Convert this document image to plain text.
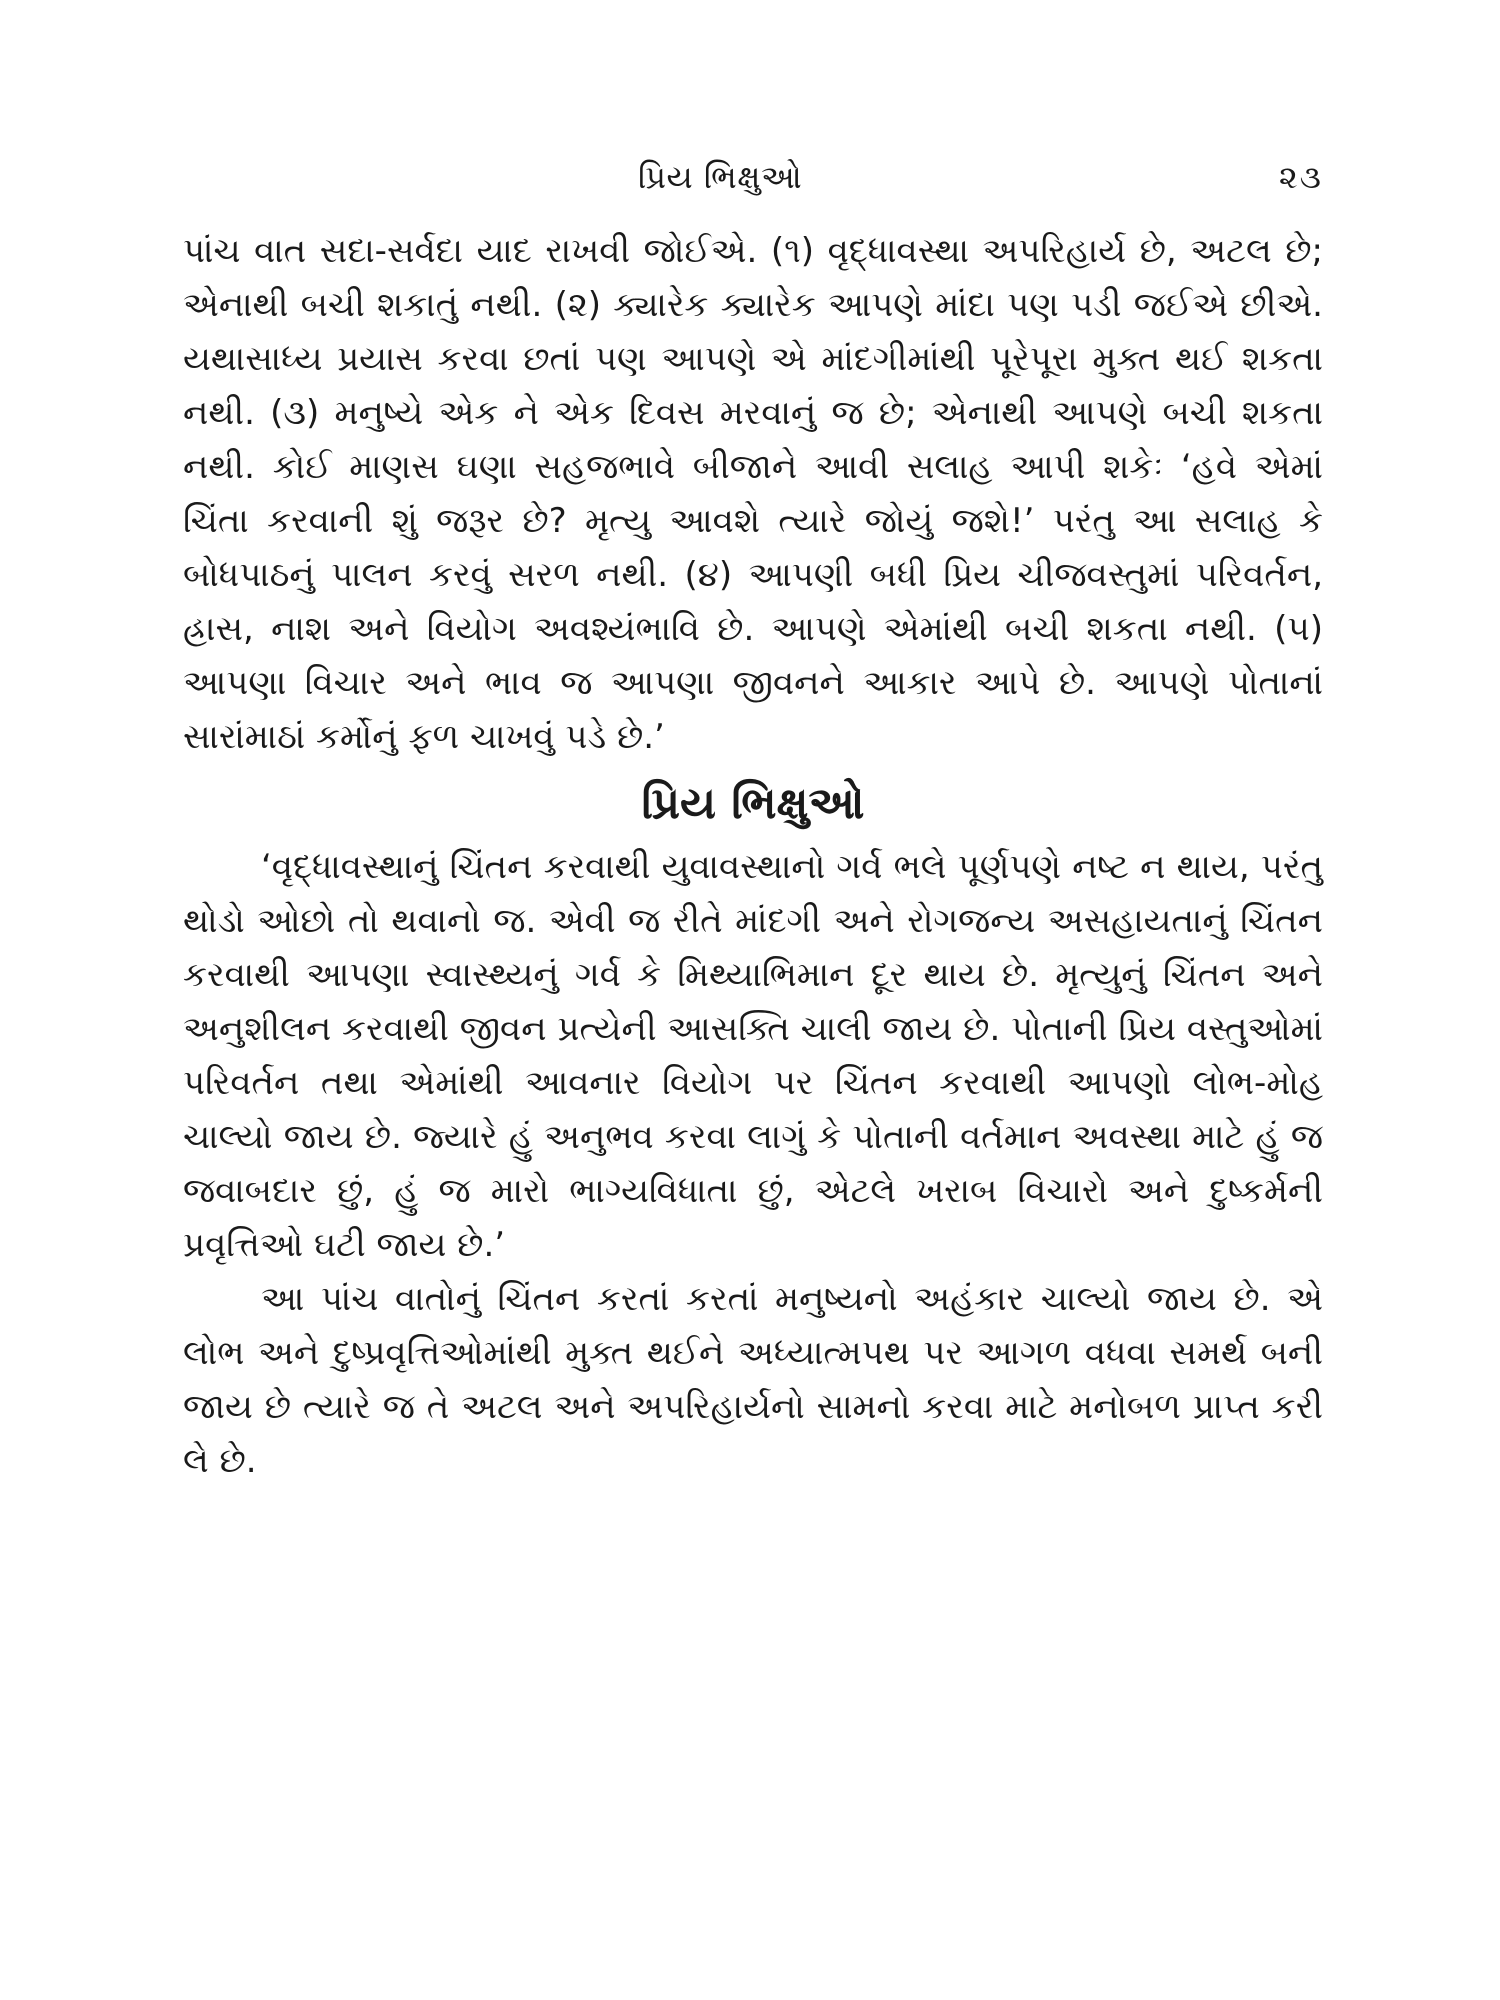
પ્રિય ભિક્ષુઓ	૨૩

પાંચ વાત સદા-સર્વદા યાદ રાખવી જોઈએ. (૧) વૃદ્ધાવસ્થા અપરિહાર્ય છે, અટલ છે; એનાથી બચી શકાતું નથી. (૨) ક્યારેક ક્યારેક આપણે માંદા પણ પડી જઈએ છીએ. યથાસાધ્ય પ્રયાસ કરવા છતાં પણ આપણે એ માંદગીમાંથી પૂરેપૂરા મુક્ત થઈ શકતા નથી. (૩) મનુષ્યે એક ને એક દિવસ મરવાનું જ છે; એનાથી આપણે બચી શકતા નથી. કોઈ માણસ ઘણા સહજભાવે બીજાને આવી સલાહ આપી શકેઃ ‘હવે એમાં ચિંતા કરવાની શું જરૂર છે? મૃત્યુ આવશે ત્યારે જોયું જશે!’ પરંતુ આ સલાહ કે બોધપાઠનું પાલન કરવું સરળ નથી. (૪) આપણી બધી પ્રિય ચીજવસ્તુમાં પરિવર્તન, હ્રાસ, નાશ અને વિયોગ અવશ્યંભાવિ છે. આપણે એમાંથી બચી શકતા નથી. (૫) આપણા વિચાર અને ભાવ જ આપણા જીવનને આકાર આપે છે. આપણે પોતાનાં સારાંમાઠાં કર્મોનું ફળ ચાખવું પડે છે.’

પ્રિય ભિક્ષુઓ

‘વૃદ્ધાવસ્થાનું ચિંતન કરવાથી યુવાવસ્થાનો ગર્વ ભલે પૂર્ણપણે નષ્ટ ન થાય, પરંતુ થોડો ઓછો તો થવાનો જ. એવી જ રીતે માંદગી અને રોગજન્ય અસહાયતાનું ચિંતન કરવાથી આપણા સ્વાસ્થ્યનું ગર્વ કે મિથ્યાભિમાન દૂર થાય છે. મૃત્યુનું ચિંતન અને અનુશીલન કરવાથી જીવન પ્રત્યેની આસક્તિ ચાલી જાય છે. પોતાની પ્રિય વસ્તુઓમાં પરિવર્તન તથા એમાંથી આવનાર વિયોગ પર ચિંતન કરવાથી આપણો લોભ-મોહ ચાલ્યો જાય છે. જ્યારે હું અનુભવ કરવા લાગું કે પોતાની વર્તમાન અવસ્થા માટે હું જ જવાબદાર છું, હું જ મારો ભાગ્યવિધાતા છું, એટલે ખરાબ વિચારો અને દુષ્કર્મની પ્રવૃત્તિઓ ઘટી જાય છે.’

આ પાંચ વાતોનું ચિંતન કરતાં કરતાં મનુષ્યનો અહંકાર ચાલ્યો જાય છે. એ લોભ અને દુષ્પ્રવૃત્તિઓમાંથી મુક્ત થઈને અધ્યાત્મપથ પર આગળ વધવા સમર્થ બની જાય છે ત્યારે જ તે અટલ અને અપરિહાર્યનો સામનો કરવા માટે મનોબળ પ્રાપ્ત કરી લે છે.
